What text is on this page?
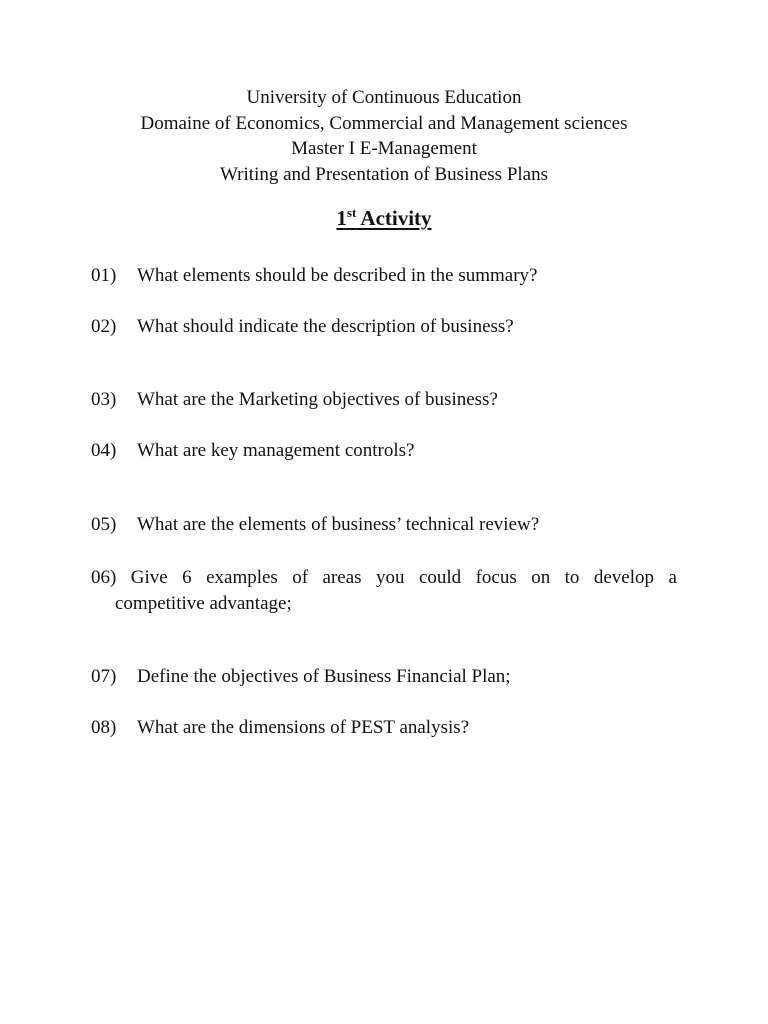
University of Continuous Education
Domaine of Economics, Commercial and Management sciences
Master I E-Management
Writing and Presentation of Business Plans
1st Activity
01) What elements should be described in the summary?
02) What should indicate the description of business?
03) What are the Marketing objectives of business?
04) What are key management controls?
05) What are the elements of business’ technical review?
06) Give 6 examples of areas you could focus on to develop a
competitive advantage;
07) Define the objectives of Business Financial Plan;
08) What are the dimensions of PEST analysis?
